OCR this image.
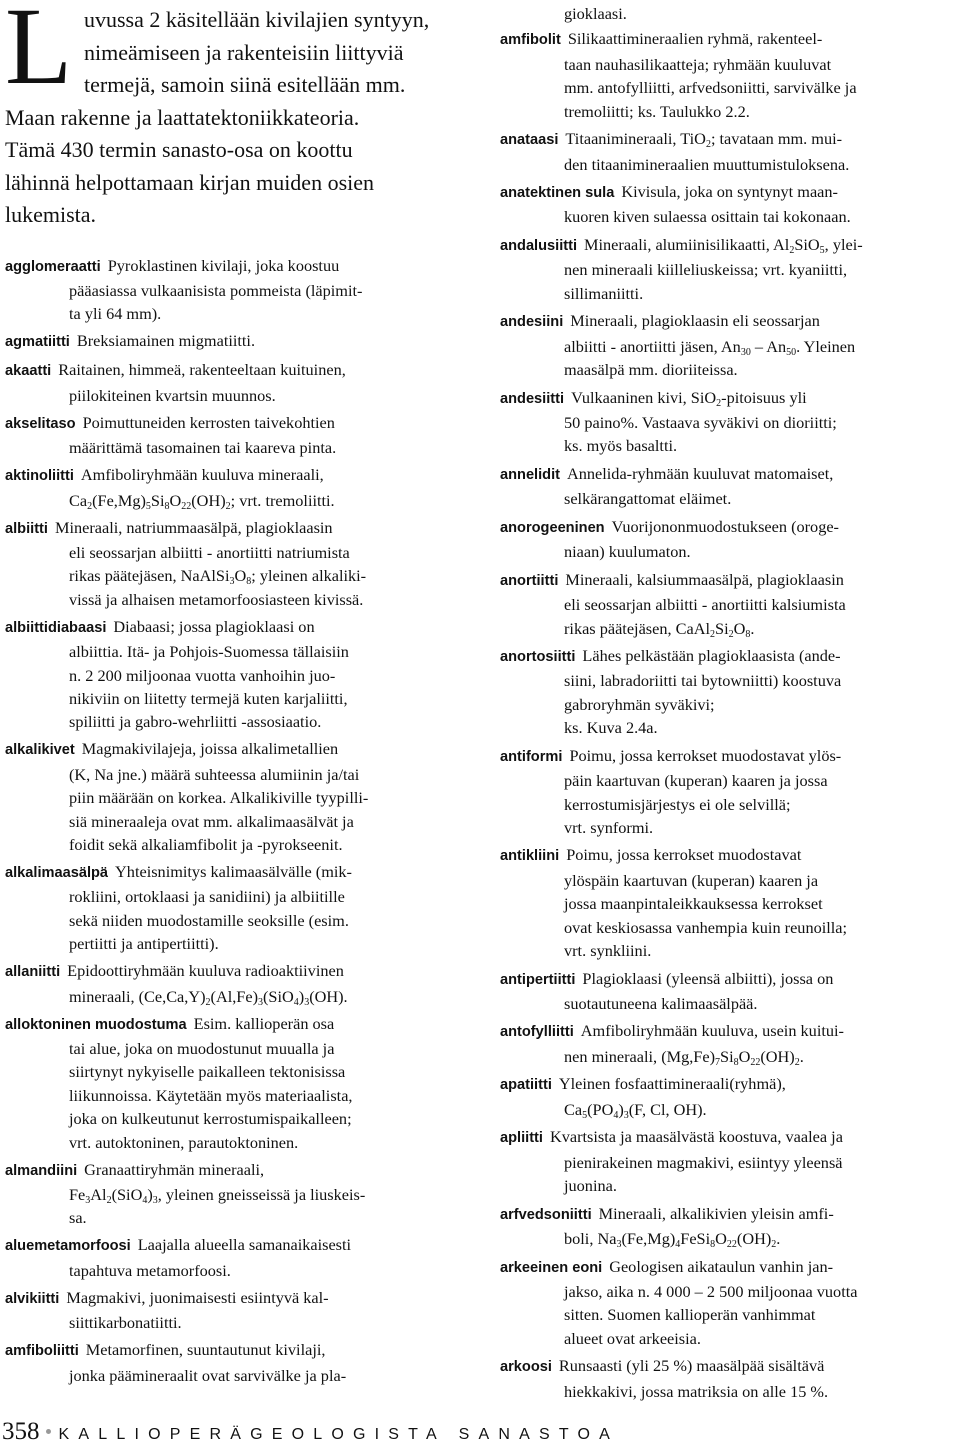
L uvussa 2 käsitellään kivilajien syntyyn,
nimeämiseen ja rakenteisiin liittyviä
termejä, samoin siinä esitellään mm.
Maan rakenne ja laattatektoniikkateoria.
Tämä 430 termin sanasto-osa on koottu
lähinnä helpottamaan kirjan muiden osien
lukemista.

agglomeraatti Pyroklastinen kivilaji, joka koostuu
pääasiassa vulkaanisista pommeista (läpimit-
ta yli 64 mm).

agmatiitti Breksiamainen migmatiitti.

akaatti Raitainen, himmeä, rakenteeltaan kuituinen,
piilokiteinen kvartsin muunnos.

akselitaso Poimuttuneiden kerrosten taivekohtien
määrittämä tasomainen tai kaareva pinta.

aktinoliitti Amfiboliryhmään kuuluva mineraali,
$Ca_2(Fe,Mg)_5Si_8O_{22}(OH)_2$; vrt. tremoliitti.

albiitti Mineraali, natriummaasälpä, plagioklaasin
eli seossarjan albiitti - anortiitti natriumista
rikas päätejäsen, $NaAlSi_3O_8$; yleinen alkaliki-
vissä ja alhaisen metamorfoosiasteen kivissä.

albiittidiabaasi Diabaasi; jossa plagioklaasi on
albiittia. Itä- ja Pohjois-Suomessa tällaisiin
n. 2 200 miljoonaa vuotta vanhoihin juo-
nikiviin on liitetty termejä kuten karjaliitti,
spiliitti ja gabro-wehrliitti -assosiaatio.

alkalikivet Magmakivilajeja, joissa alkalimetallien
(K, Na jne.) määrä suhteessa alumiinin ja/tai
piin määrään on korkea. Alkalikiville tyypilli-
siä mineraaleja ovat mm. alkalimaasälvät ja
foidit sekä alkaliamfibolit ja -pyrokseenit.

alkalimaasälpä Yhteisnimitys kalimaasälvälle (mik-
rokliini, ortoklaasi ja sanidiini) ja albiitille
sekä niiden muodostamille seoksille (esim.
pertiitti ja antipertiitti).

allaniitti Epidoottiryhmään kuuluva radioaktiivinen
mineraali, $(Ce,Ca,Y)_2(Al,Fe)_3(SiO_4)_3(OH)$.

alloktoninen muodostuma Esim. kallioperän osa
tai alue, joka on muodostunut muualla ja
siirtynyt nykyiselle paikalleen tektonisissa
liikunnoissa. Käytetään myös materiaalista,
joka on kulkeutunut kerrostumispaikalleen;
vrt. autoktoninen, parautoktoninen.

almandiini Granaattiryhmän mineraali,
$Fe_3Al_2(SiO_4)_3$, yleinen gneisseissä ja liuskeis-
sa.

aluemetamorfoosi Laajalla alueella samanaikaisesti
tapahtuva metamorfoosi.

alvikiitti Magmakivi, juonimaisesti esiintyvä kal-
siittikarbonatiitti.

amfiboliitti Metamorfinen, suuntautunut kivilaji,
jonka päämineraalit ovat sarvivälke ja pla-

gioklaasi.

amfibolit Silikaattimineraalien ryhmä, rakenteel-
taan nauhasilikaatteja; ryhmään kuuluvat
mm. antofylliitti, arfvedsoniitti, sarvivälke ja
tremoliitti; ks. Taulukko 2.2.

anataasi Titaanimineraali, TiO$_2$; tavataan mm. mui-
den titaanimineraalien muuttumistuloksena.

anatektinen sula Kivisula, joka on syntynyt maan-
kuoren kiven sulaessa osittain tai kokonaan.

andalusiitti Mineraali, alumiinisilikaatti, $Al_2SiO_5$, ylei-
nen mineraali kiilleliuskeissa; vrt. kyaniitti,
sillimaniitti.

andesiini Mineraali, plagioklaasin eli seossarjan
albiitti - anortiitti jäsen, $An_{30} - An_{50}$. Yleinen
maasälpä mm. dioriiteissa.

andesiitti Vulkaaninen kivi, SiO$_2$-pitoisuus yli
50 paino%. Vastaava syväkivi on dioriitti;
ks. myös basaltti.

annelidit Annelida-ryhmään kuuluvat matomaiset,
selkärangattomat eläimet.

anorogeeninen Vuorijononmuodostukseen (oroge-
niaan) kuulumaton.

anortiitti Mineraali, kalsiummaasälpä, plagioklaasin
eli seossarjan albiitti - anortiitti kalsiumista
rikas päätejäsen, $CaAl_2Si_2O_8$.

anortosiitti Lähes pelkästään plagioklaasista (ande-
siini, labradoriitti tai bytowniitti) koostuva
gabroryhmän syväkivi;
ks. Kuva 2.4a.

antiformi Poimu, jossa kerrokset muodostavat ylös-
päin kaartuvan (kuperan) kaaren ja jossa
kerrostumisjärjestys ei ole selvillä;
vrt. synformi.

antikliini Poimu, jossa kerrokset muodostavat
ylöspäin kaartuvan (kuperan) kaaren ja
jossa maanpintaleikkauksessa kerrokset
ovat keskiosassa vanhempia kuin reunoilla;
vrt. synkliini.

antipertiitti Plagioklaasi (yleensä albiitti), jossa on
suotautuneena kalimaasälpää.

antofylliitti Amfiboliryhmään kuuluva, usein kuitui-
nen mineraali, $(Mg,Fe)_7Si_8O_{22}(OH)_2$.

apatiitti Yleinen fosfaattimineraali(ryhmä),
$Ca_5(PO_4)_3(F$, Cl, OH).

apliitti Kvartsista ja maasälvästä koostuva, vaalea ja
pienirakeinen magmakivi, esiintyy yleensä
juonina.

arfvedsoniitti Mineraali, alkalikivien yleisin amfi-
boli, $Na_3(Fe,Mg)_4FeSi_8O_{22}(OH)_2$.

arkeeinen eoni Geologisen aikataulun vanhin jan-
jakso, aika n. 4 000 – 2 500 miljoonaa vuotta
sitten. Suomen kallioperän vanhimmat
alueet ovat arkeeisia.

arkoosi Runsaasti (yli 25 %) maasälpää sisältävä
hiekkakivi, jossa matriksia on alle 15 %.

358 KALLIOPERÄGEOLOGISTA SANASTOA
